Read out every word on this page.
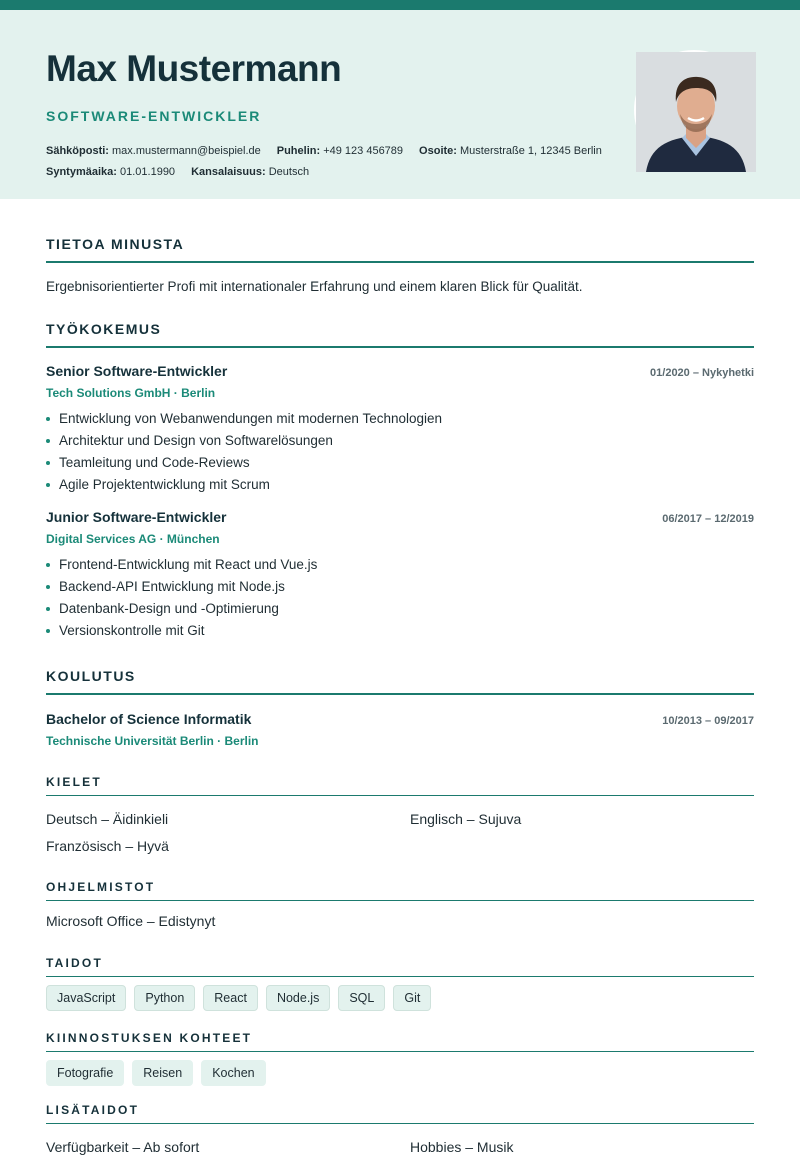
Max Mustermann
SOFTWARE-ENTWICKLER
Sähköposti: max.mustermann@beispiel.de Puhelin: +49 123 456789 Osoite: Musterstraße 1, 12345 Berlin
Syntymäaika: 01.01.1990 Kansalaisuus: Deutsch
TIETOA MINUSTA

Ergebnisorientierter Profi mit internationaler Erfahrung und einem klaren Blick für Qualität.

TYÖKOKEMUS
Senior Software-Entwickler	01/2020 – Nykyhetki
Tech Solutions GmbH · Berlin
Entwicklung von Webanwendungen mit modernen Technologien
Architektur und Design von Softwarelösungen
Teamleitung und Code-Reviews
Agile Projektentwicklung mit Scrum
Junior Software-Entwickler	06/2017 – 12/2019
Digital Services AG · München
Frontend-Entwicklung mit React und Vue.js
Backend-API Entwicklung mit Node.js
Datenbank-Design und -Optimierung
Versionskontrolle mit Git
KOULUTUS
Bachelor of Science Informatik	10/2013 – 09/2017
Technische Universität Berlin · Berlin
KIELET
Deutsch – Äidinkieli	Englisch – Sujuva
Französisch – Hyvä
OHJELMISTOT
Microsoft Office – Edistynyt
TAIDOT
JavaScript	Python	React	Node.js	SQL	Git
KIINNOSTUKSEN KOHTEET
Fotografie	Reisen	Kochen
LISÄTAIDOT
Verfügbarkeit – Ab sofort	Hobbies – Musik
